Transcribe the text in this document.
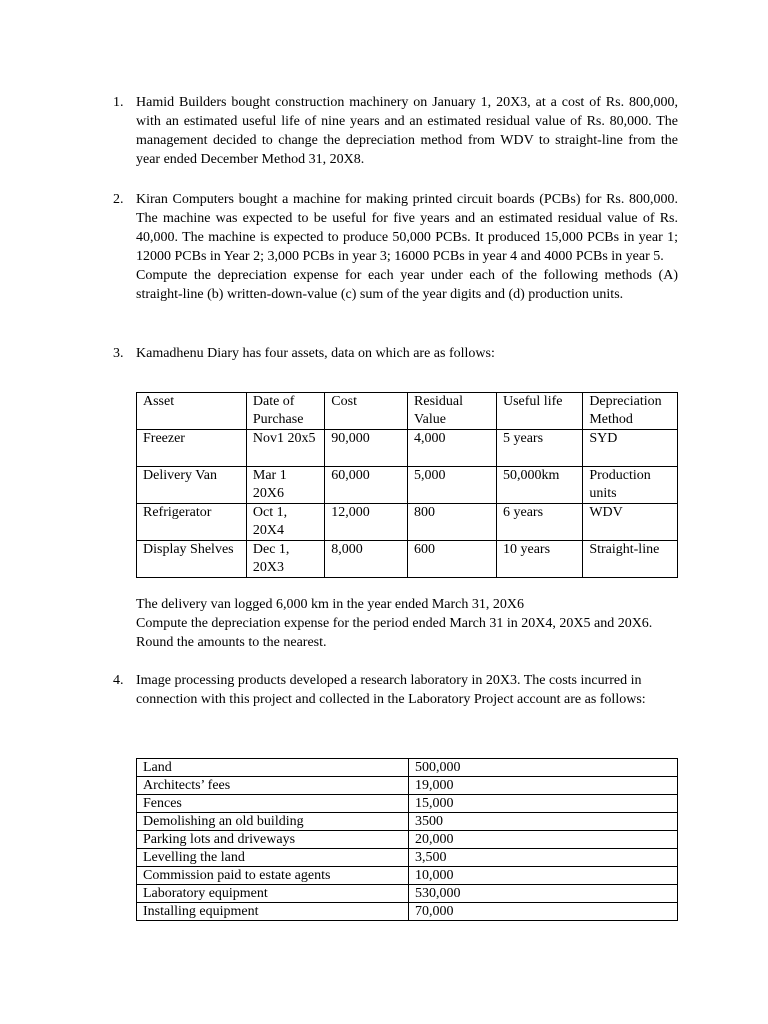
1. Hamid Builders bought construction machinery on January 1, 20X3, at a cost of Rs. 800,000, with an estimated useful life of nine years and an estimated residual value of Rs. 80,000. The management decided to change the depreciation method from WDV to straight-line from the year ended December Method 31, 20X8.

2. Kiran Computers bought a machine for making printed circuit boards (PCBs) for Rs. 800,000. The machine was expected to be useful for five years and an estimated residual value of Rs. 40,000. The machine is expected to produce 50,000 PCBs. It produced 15,000 PCBs in year 1; 12000 PCBs in Year 2; 3,000 PCBs in year 3; 16000 PCBs in year 4 and 4000 PCBs in year 5.

Compute the depreciation expense for each year under each of the following methods (A) straight-line (b) written-down-value (c) sum of the year digits and (d) production units.

3. Kamadhenu Diary has four assets, data on which are as follows:

Asset	Date of Purchase	Cost	Residual Value	Useful life	Depreciation Method
Freezer	Nov1 20x5	90,000	4,000	5 years	SYD
Delivery Van	Mar 1 20X6	60,000	5,000	50,000km	Production units
Refrigerator	Oct 1, 20X4	12,000	800	6 years	WDV
Display Shelves	Dec 1, 20X3	8,000	600	10 years	Straight-line

The delivery van logged 6,000 km in the year ended March 31, 20X6

Compute the depreciation expense for the period ended March 31 in 20X4, 20X5 and 20X6. Round the amounts to the nearest.

4. Image processing products developed a research laboratory in 20X3. The costs incurred in connection with this project and collected in the Laboratory Project account are as follows:

Land	500,000
Architects’ fees	19,000
Fences	15,000
Demolishing an old building	3500
Parking lots and driveways	20,000
Levelling the land	3,500
Commission paid to estate agents	10,000
Laboratory equipment	530,000
Installing equipment	70,000
